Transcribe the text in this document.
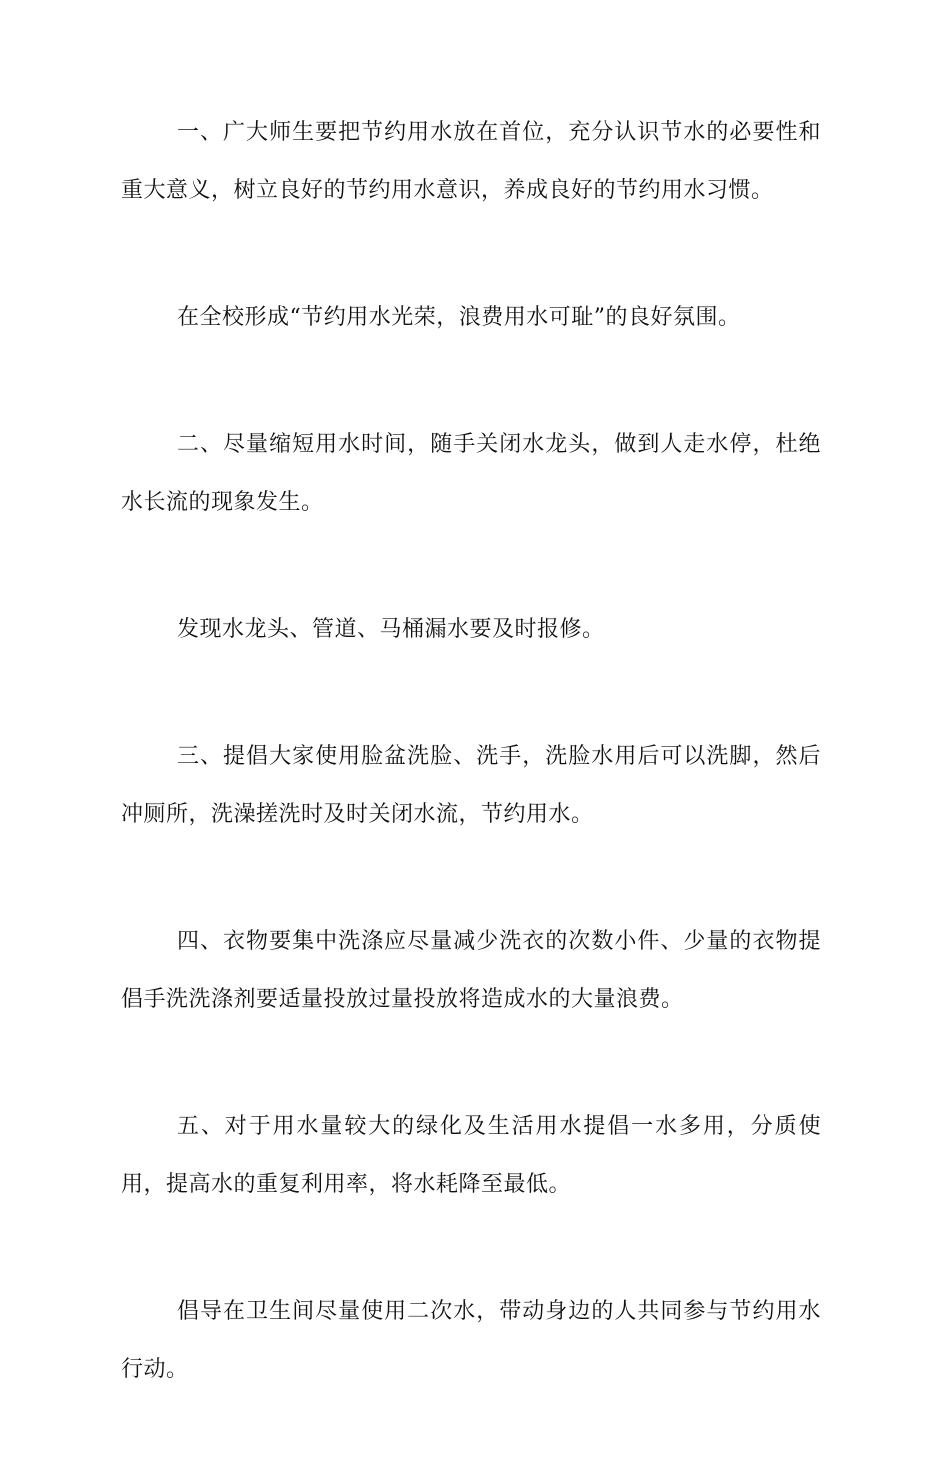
一、广大师生要把节约用水放在首位，充分认识节水的必要性和重大意义，树立良好的节约用水意识，养成良好的节约用水习惯。

在全校形成“节约用水光荣，浪费用水可耻”的良好氛围。

二、尽量缩短用水时间，随手关闭水龙头，做到人走水停，杜绝水长流的现象发生。

发现水龙头、管道、马桶漏水要及时报修。

三、提倡大家使用脸盆洗脸、洗手，洗脸水用后可以洗脚，然后冲厕所，洗澡搓洗时及时关闭水流，节约用水。

四、衣物要集中洗涤应尽量减少洗衣的次数小件、少量的衣物提倡手洗洗涤剂要适量投放过量投放将造成水的大量浪费。

五、对于用水量较大的绿化及生活用水提倡一水多用，分质使用，提高水的重复利用率，将水耗降至最低。

倡导在卫生间尽量使用二次水，带动身边的人共同参与节约用水行动。
